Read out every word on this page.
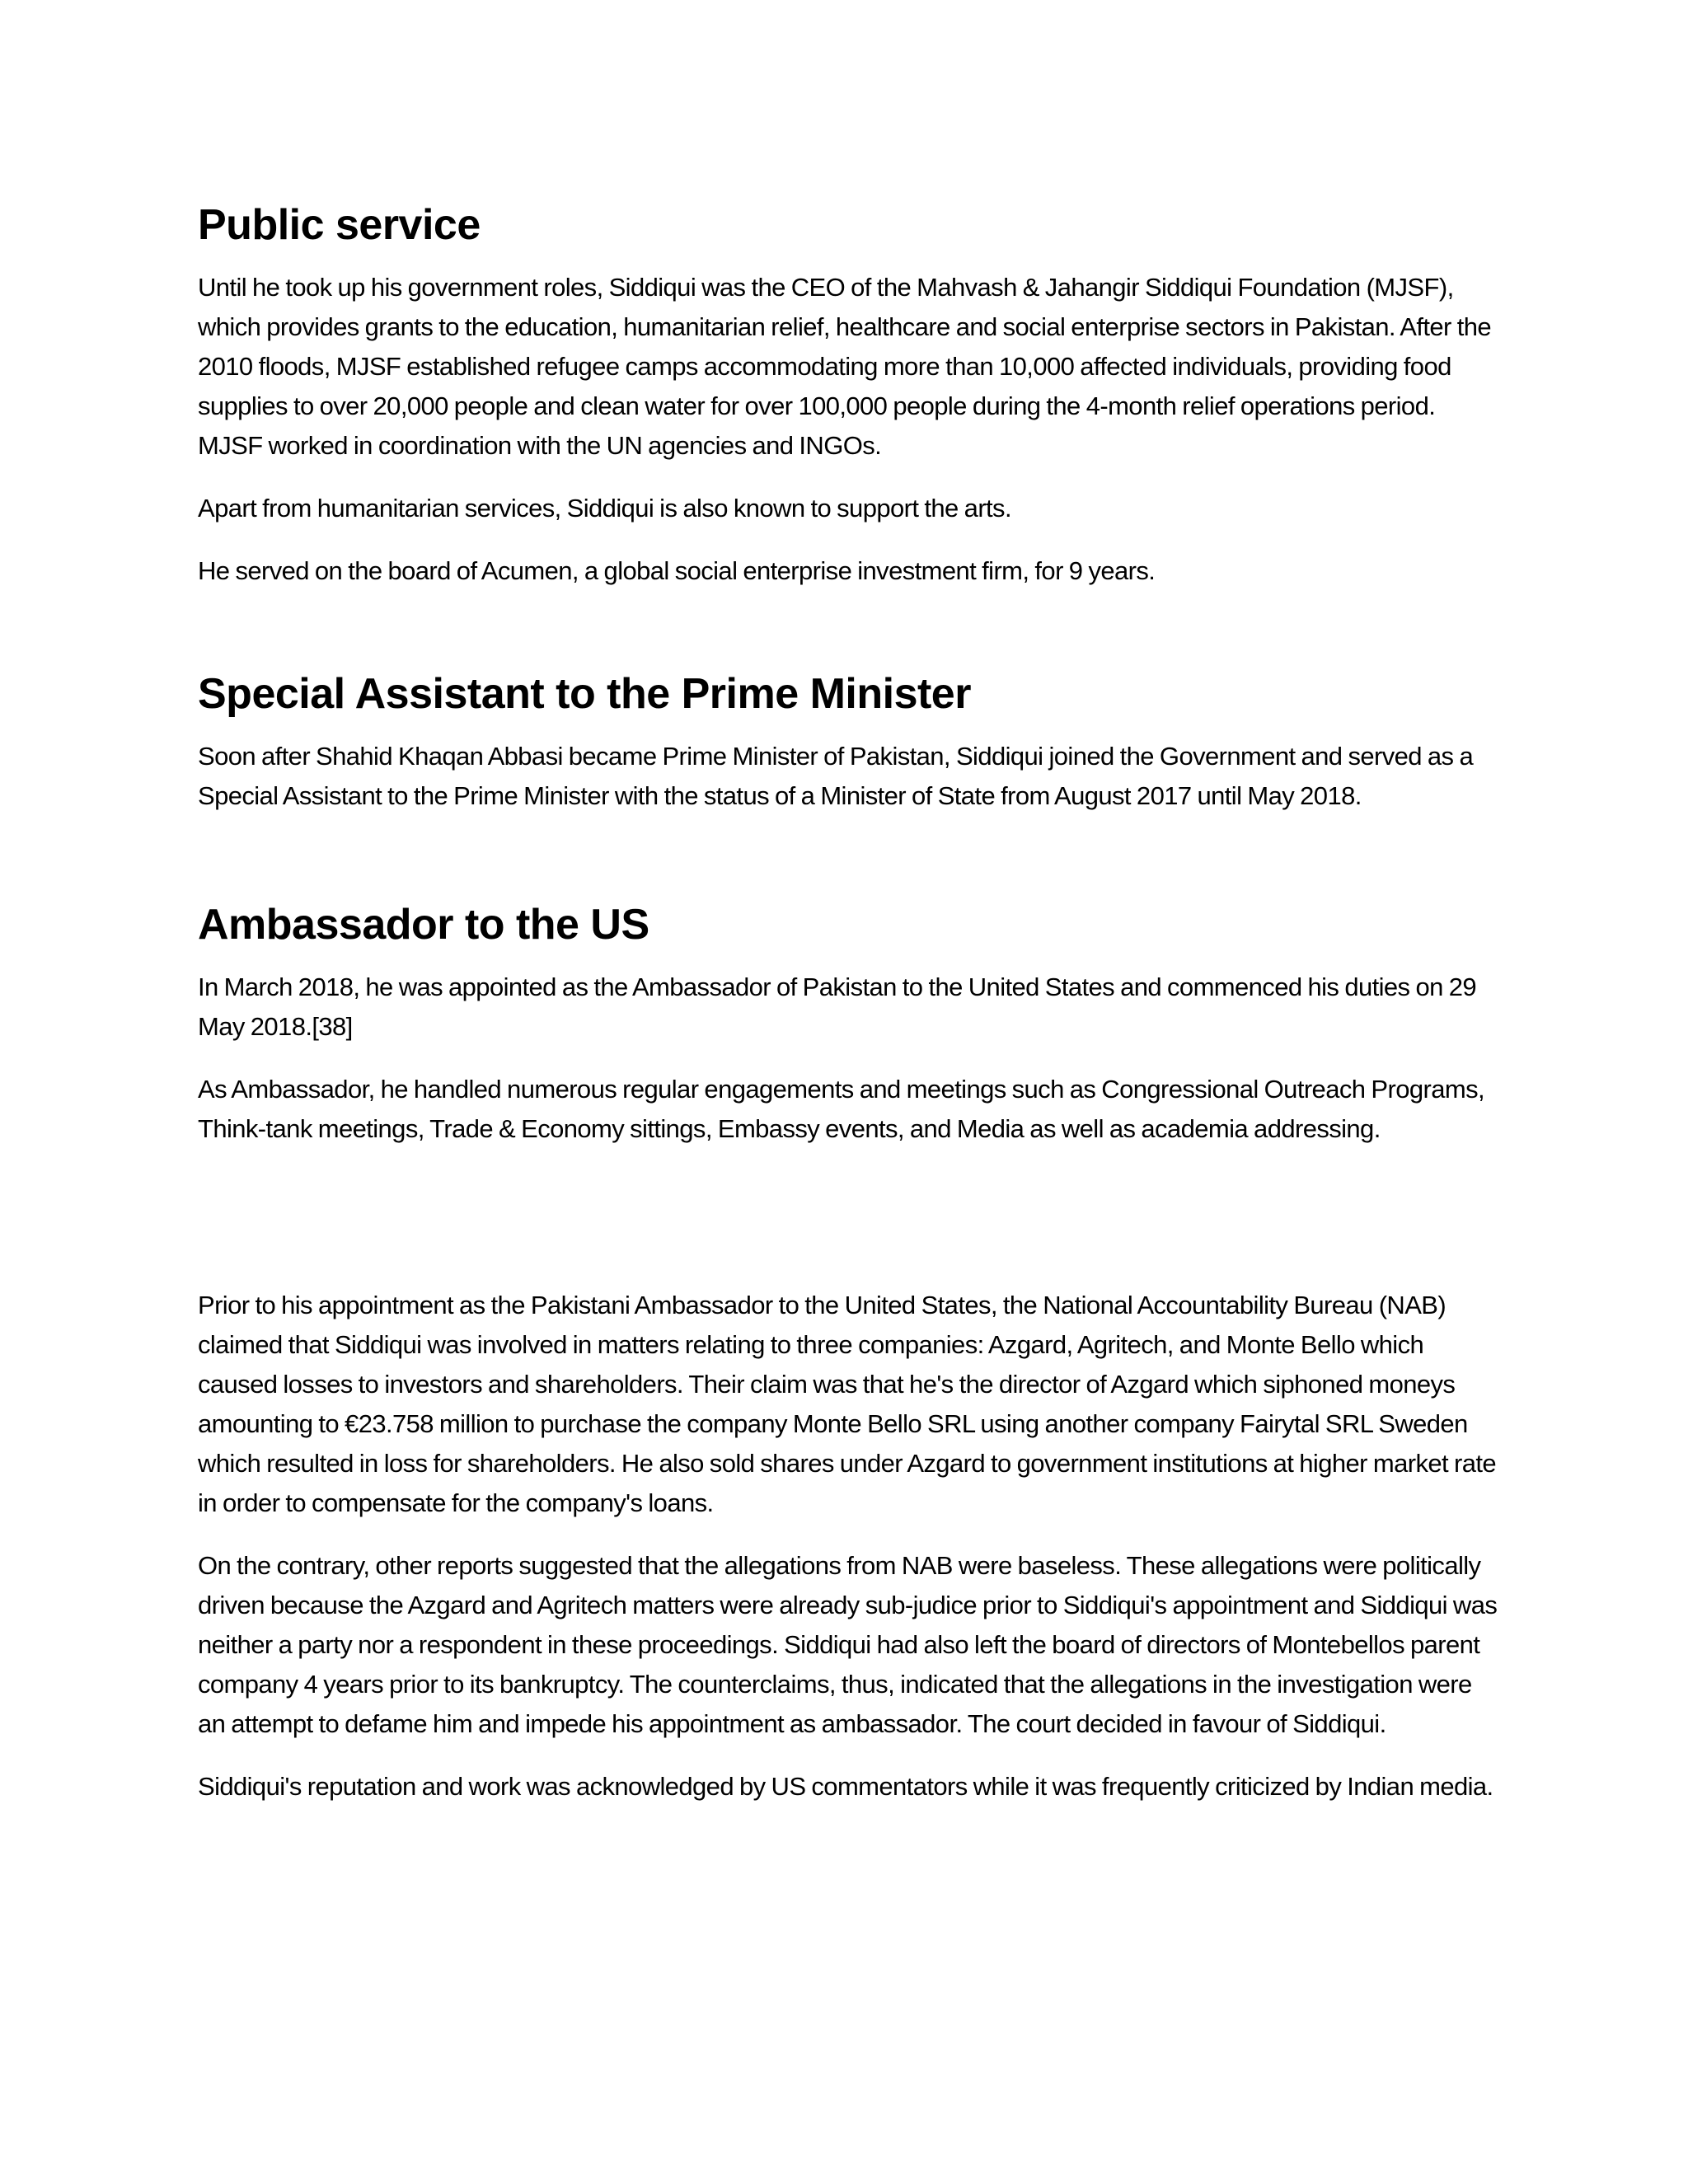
Public service

Until he took up his government roles, Siddiqui was the CEO of the Mahvash & Jahangir Siddiqui Foundation (MJSF), which provides grants to the education, humanitarian relief, healthcare and social enterprise sectors in Pakistan. After the 2010 floods, MJSF established refugee camps accommodating more than 10,000 affected individuals, providing food supplies to over 20,000 people and clean water for over 100,000 people during the 4-month relief operations period. MJSF worked in coordination with the UN agencies and INGOs.

Apart from humanitarian services, Siddiqui is also known to support the arts.

He served on the board of Acumen, a global social enterprise investment firm, for 9 years.

Special Assistant to the Prime Minister

Soon after Shahid Khaqan Abbasi became Prime Minister of Pakistan, Siddiqui joined the Government and served as a Special Assistant to the Prime Minister with the status of a Minister of State from August 2017 until May 2018.

Ambassador to the US

In March 2018, he was appointed as the Ambassador of Pakistan to the United States and commenced his duties on 29 May 2018.[38]

As Ambassador, he handled numerous regular engagements and meetings such as Congressional Outreach Programs, Think-tank meetings, Trade & Economy sittings, Embassy events, and Media as well as academia addressing.

Prior to his appointment as the Pakistani Ambassador to the United States, the National Accountability Bureau (NAB) claimed that Siddiqui was involved in matters relating to three companies: Azgard, Agritech, and Monte Bello which caused losses to investors and shareholders. Their claim was that he's the director of Azgard which siphoned moneys amounting to €23.758 million to purchase the company Monte Bello SRL using another company Fairytal SRL Sweden which resulted in loss for shareholders. He also sold shares under Azgard to government institutions at higher market rate in order to compensate for the company's loans.

On the contrary, other reports suggested that the allegations from NAB were baseless. These allegations were politically driven because the Azgard and Agritech matters were already sub-judice prior to Siddiqui's appointment and Siddiqui was neither a party nor a respondent in these proceedings. Siddiqui had also left the board of directors of Montebellos parent company 4 years prior to its bankruptcy. The counterclaims, thus, indicated that the allegations in the investigation were an attempt to defame him and impede his appointment as ambassador. The court decided in favour of Siddiqui.

Siddiqui's reputation and work was acknowledged by US commentators while it was frequently criticized by Indian media.
